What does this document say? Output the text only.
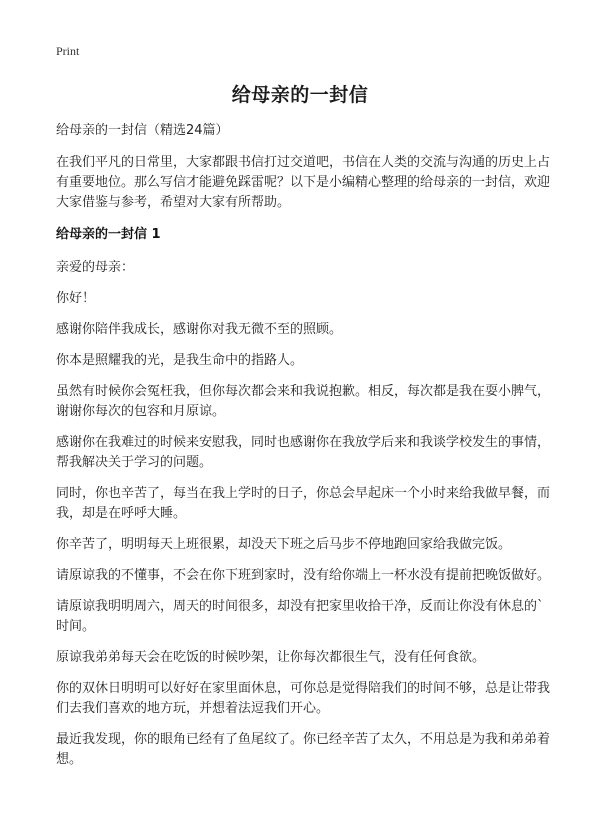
Print
给母亲的一封信

给母亲的一封信（精选24篇）

在我们平凡的日常里，大家都跟书信打过交道吧，书信在人类的交流与沟通的历史上占有重要地位。那么写信才能避免踩雷呢？以下是小编精心整理的给母亲的一封信，欢迎大家借鉴与参考，希望对大家有所帮助。

给母亲的一封信 1

亲爱的母亲：

你好！

感谢你陪伴我成长，感谢你对我无微不至的照顾。

你本是照耀我的光，是我生命中的指路人。

虽然有时候你会冤枉我，但你每次都会来和我说抱歉。相反，每次都是我在耍小脾气，谢谢你每次的包容和月原谅。

感谢你在我难过的时候来安慰我，同时也感谢你在我放学后来和我谈学校发生的事情，帮我解决关于学习的问题。

同时，你也辛苦了，每当在我上学时的日子，你总会早起床一个小时来给我做早餐，而我，却是在呼呼大睡。

你辛苦了，明明每天上班很累，却没天下班之后马步不停地跑回家给我做完饭。

请原谅我的不懂事，不会在你下班到家时，没有给你端上一杯水没有提前把晚饭做好。

请原谅我明明周六，周天的时间很多，却没有把家里收拾干净，反而让你没有休息的`时间。

原谅我弟弟每天会在吃饭的时候吵架，让你每次都很生气，没有任何食欲。

你的双休日明明可以好好在家里面休息，可你总是觉得陪我们的时间不够，总是让带我们去我们喜欢的地方玩，并想着法逗我们开心。

最近我发现，你的眼角已经有了鱼尾纹了。你已经辛苦了太久，不用总是为我和弟弟着想。
